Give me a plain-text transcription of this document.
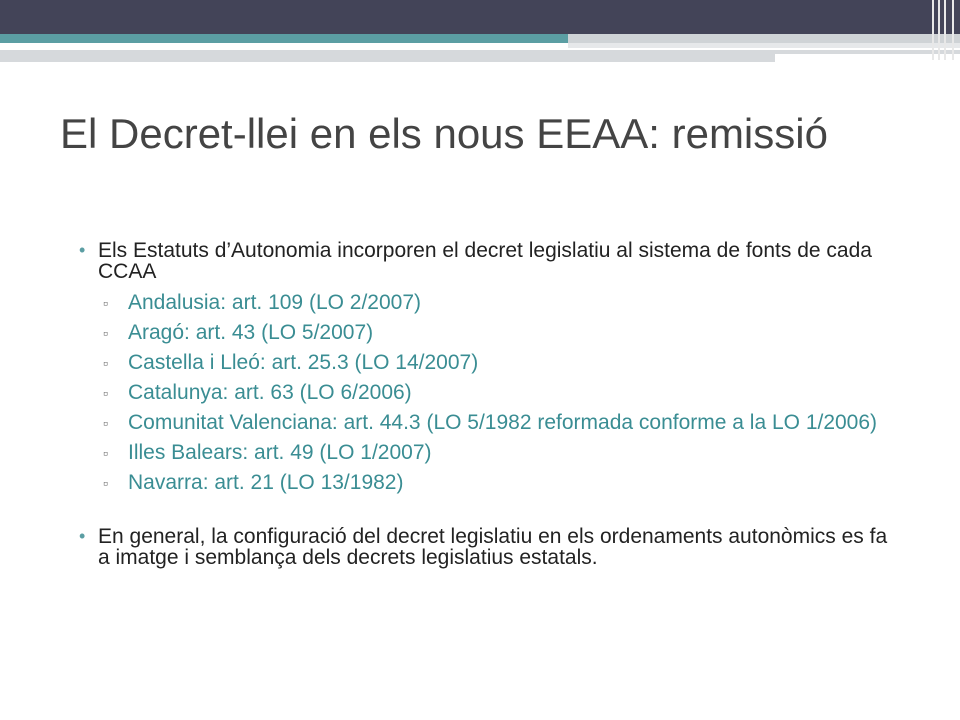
El Decret-llei en els nous EEAA: remissió
• Els Estatuts d’Autonomia incorporen el decret legislatiu al sistema de fonts de cada CCAA
▫ Andalusia: art. 109 (LO 2/2007)
▫ Aragó: art. 43 (LO 5/2007)
▫ Castella i Lleó: art. 25.3 (LO 14/2007)
▫ Catalunya: art. 63 (LO 6/2006)
▫ Comunitat Valenciana: art. 44.3 (LO 5/1982 reformada conforme a la LO 1/2006)
▫ Illes Balears: art. 49 (LO 1/2007)
▫ Navarra: art. 21 (LO 13/1982)
• En general, la configuració del decret legislatiu en els ordenaments autonòmics es fa a imatge i semblança dels decrets legislatius estatals.
